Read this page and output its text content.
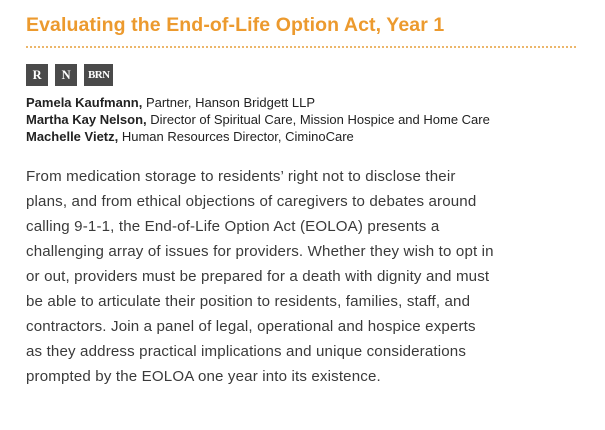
Evaluating the End-of-Life Option Act, Year 1
R	N	BRN
Pamela Kaufmann, Partner, Hanson Bridgett LLP
Martha Kay Nelson, Director of Spiritual Care, Mission Hospice and Home Care
Machelle Vietz, Human Resources Director, CiminoCare
From medication storage to residents’ right not to disclose their
plans, and from ethical objections of caregivers to debates around
calling 9-1-1, the End-of-Life Option Act (EOLOA) presents a
challenging array of issues for providers. Whether they wish to opt in
or out, providers must be prepared for a death with dignity and must
be able to articulate their position to residents, families, staff, and
contractors. Join a panel of legal, operational and hospice experts
as they address practical implications and unique considerations
prompted by the EOLOA one year into its existence.
